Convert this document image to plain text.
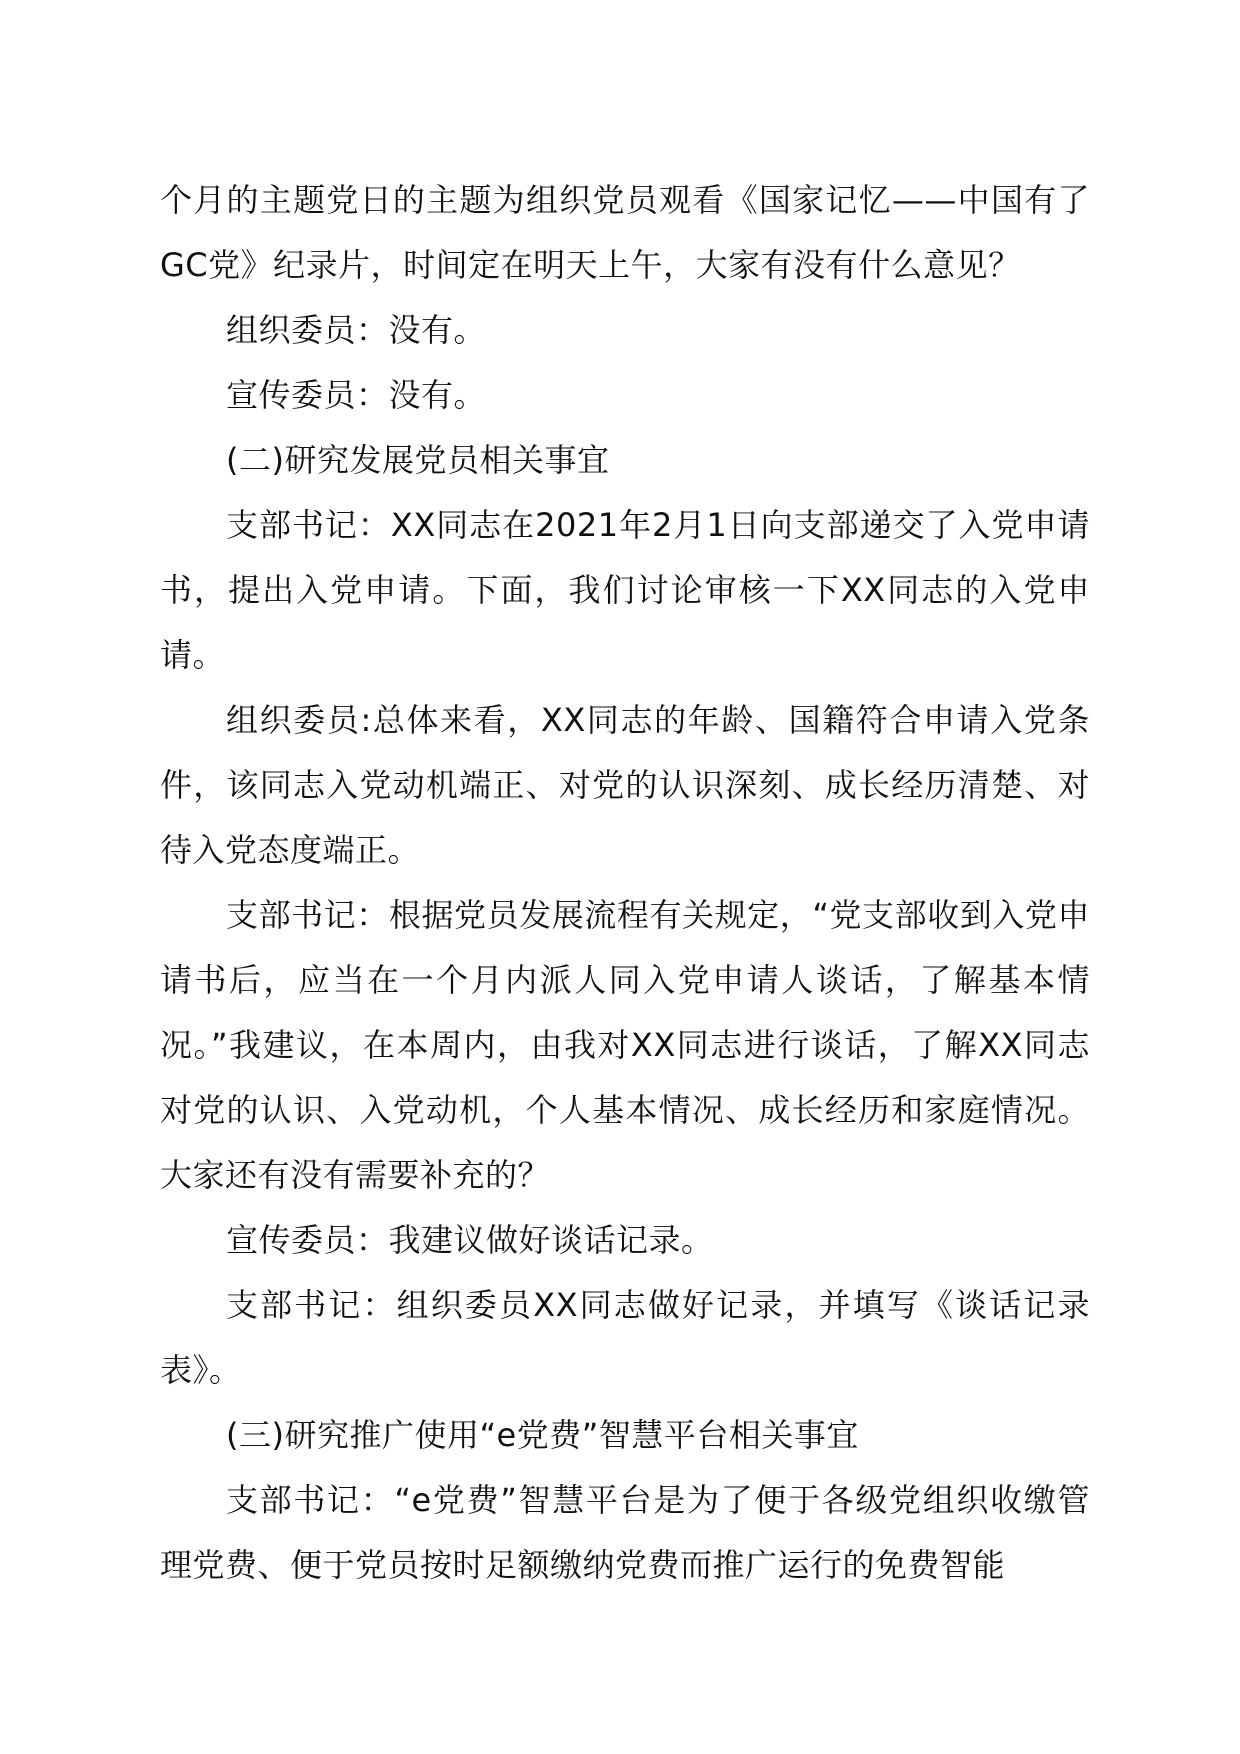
个月的主题党日的主题为组织党员观看《国家记忆——中国有了GC党》纪录片，时间定在明天上午，大家有没有什么意见？

组织委员：没有。

宣传委员：没有。

(二)研究发展党员相关事宜

支部书记：XX同志在2021年2月1日向支部递交了入党申请书，提出入党申请。下面，我们讨论审核一下XX同志的入党申请。

组织委员:总体来看，XX同志的年龄、国籍符合申请入党条件，该同志入党动机端正、对党的认识深刻、成长经历清楚、对待入党态度端正。

支部书记：根据党员发展流程有关规定，“党支部收到入党申请书后，应当在一个月内派人同入党申请人谈话，了解基本情况。”我建议，在本周内，由我对XX同志进行谈话，了解XX同志对党的认识、入党动机，个人基本情况、成长经历和家庭情况。大家还有没有需要补充的？

宣传委员：我建议做好谈话记录。

支部书记：组织委员XX同志做好记录，并填写《谈话记录表》。

(三)研究推广使用“e党费”智慧平台相关事宜

支部书记：“e党费”智慧平台是为了便于各级党组织收缴管理党费、便于党员按时足额缴纳党费而推广运行的免费智能
